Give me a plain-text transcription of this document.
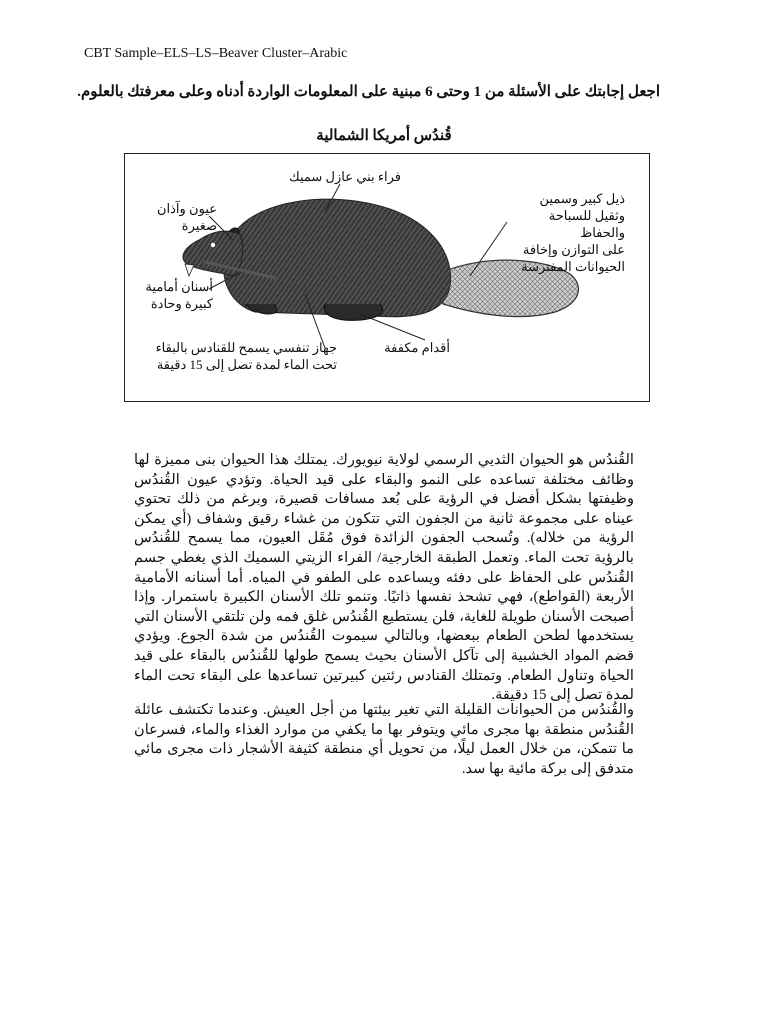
CBT Sample–ELS–LS–Beaver Cluster–Arabic
اجعل إجابتك على الأسئلة من 1 وحتى 6 مبنية على المعلومات الواردة أدناه وعلى معرفتك بالعلوم.
قُندُس أمريكا الشمالية
فراء بني عازل سميك
عيون وآذان
صغيرة
أسنان أمامية
كبيرة وحادة
جهاز تنفسي يسمح للقنادس بالبقاء
تحت الماء لمدة تصل إلى 15 دقيقة
أقدام مكففة
ذيل كبير وسمين
وثقيل للسباحة والحفاظ
على التوازن وإخافة
الحيوانات المفترسة
القُندُس هو الحيوان الثديي الرسمي لولاية نيويورك. يمتلك هذا الحيوان بنى مميزة لها وظائف مختلفة تساعده على النمو والبقاء على قيد الحياة. وتؤدي عيون القُندُس وظيفتها بشكل أفضل في الرؤية على بُعد مسافات قصيرة، وبرغم من ذلك تحتوي عيناه على مجموعة ثانية من الجفون التي تتكون من غشاء رقيق وشفاف (أي يمكن الرؤية من خلاله). وتُسحب الجفون الزائدة فوق مُقَل العيون، مما يسمح للقُندُس بالرؤية تحت الماء. وتعمل الطبقة الخارجية/ الفراء الزيتي السميك الذي يغطي جسم القُندُس على الحفاظ على دفئه ويساعده على الطفو في المياه. أما أسنانه الأمامية الأربعة (القواطع)، فهي تشحذ نفسها ذاتيًا. وتنمو تلك الأسنان الكبيرة باستمرار. وإذا أصبحت الأسنان طويلة للغاية، فلن يستطيع القُندُس غلق فمه ولن تلتقي الأسنان التي يستخدمها لطحن الطعام ببعضها، وبالتالي سيموت القُندُس من شدة الجوع. ويؤدي قضم المواد الخشبية إلى تآكل الأسنان بحيث يسمح طولها للقُندُس بالبقاء على قيد الحياة وتناول الطعام. وتمتلك القنادس رئتين كبيرتين تساعدها على البقاء تحت الماء لمدة تصل إلى 15 دقيقة.
والقُندُس من الحيوانات القليلة التي تغير بيئتها من أجل العيش. وعندما تكتشف عائلة القُندُس منطقة بها مجرى مائي ويتوفر بها ما يكفي من موارد الغذاء والماء، فسرعان ما تتمكن، من خلال العمل ليلًا، من تحويل أي منطقة كثيفة الأشجار ذات مجرى مائي متدفق إلى بركة مائية بها سد.
